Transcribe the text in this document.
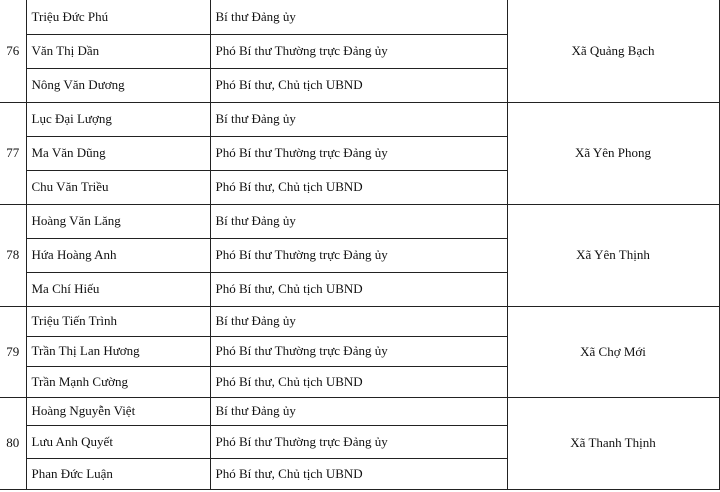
76	Triệu Đức Phú	Bí thư Đảng ủy	Xã Quảng Bạch
	Văn Thị Dần	Phó Bí thư Thường trực Đảng ủy	
	Nông Văn Dương	Phó Bí thư, Chủ tịch UBND	
77	Lục Đại Lượng	Bí thư Đảng ủy	Xã Yên Phong
	Ma Văn Dũng	Phó Bí thư Thường trực Đảng ủy	
	Chu Văn Triều	Phó Bí thư, Chủ tịch UBND	
78	Hoàng Văn Lăng	Bí thư Đảng ủy	Xã Yên Thịnh
	Hứa Hoàng Anh	Phó Bí thư Thường trực Đảng ủy	
	Ma Chí Hiếu	Phó Bí thư, Chủ tịch UBND	
79	Triệu Tiến Trình	Bí thư Đảng ủy	Xã Chợ Mới
	Trần Thị Lan Hương	Phó Bí thư Thường trực Đảng ủy	
	Trần Mạnh Cường	Phó Bí thư, Chủ tịch UBND	
80	Hoàng Nguyễn Việt	Bí thư Đảng ủy	Xã Thanh Thịnh
	Lưu Anh Quyết	Phó Bí thư Thường trực Đảng ủy	
	Phan Đức Luận	Phó Bí thư, Chủ tịch UBND	
